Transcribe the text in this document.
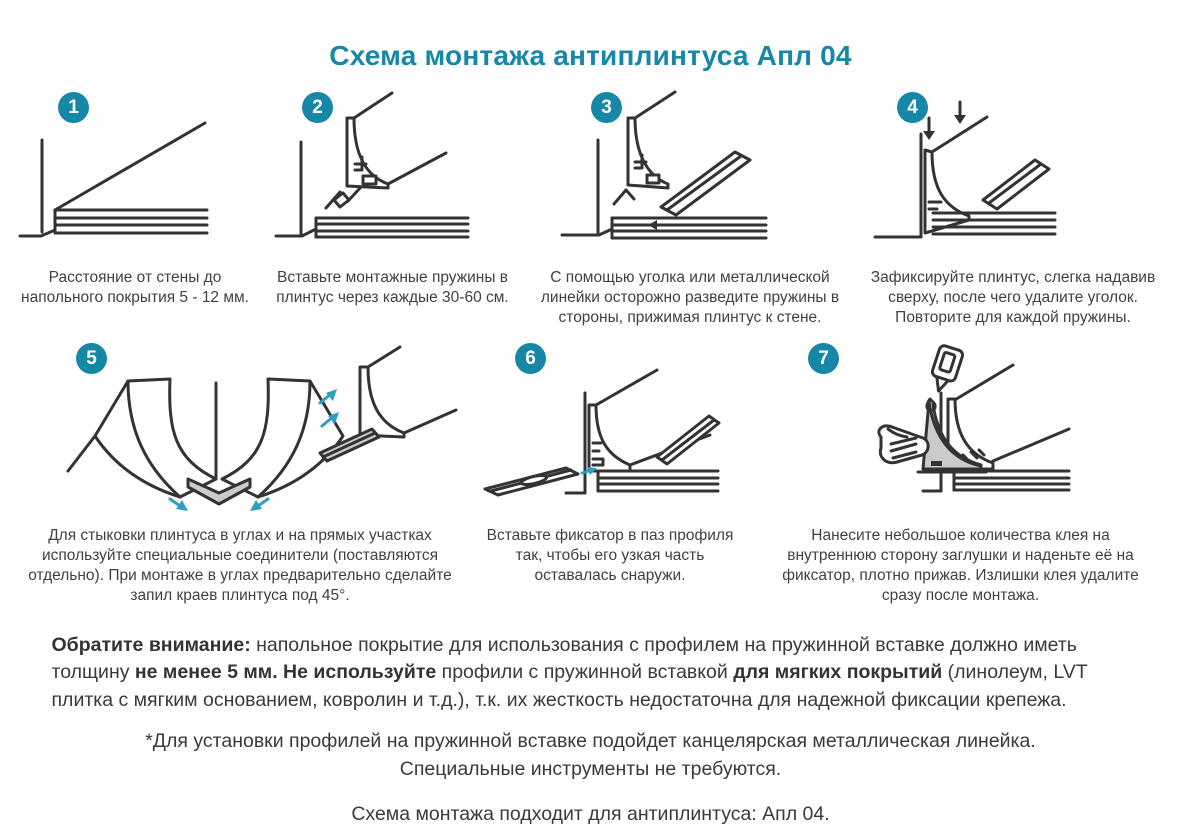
Схема монтажа антиплинтуса Апл 04
1
Расстояние от стены до напольного покрытия 5 - 12 мм.
2
Вставьте монтажные пружины в плинтус через каждые 30-60 см.
3
С помощью уголка или металлической линейки осторожно разведите пружины в стороны, прижимая плинтус к стене.
4
Зафиксируйте плинтус, слегка надавив сверху, после чего удалите уголок. Повторите для каждой пружины.
5
Для стыковки плинтуса в углах и на прямых участках используйте специальные соединители (поставляются отдельно). При монтаже в углах предварительно сделайте запил краев плинтуса под 45°.
6
Вставьте фиксатор в паз профиля так, чтобы его узкая часть оставалась снаружи.
7
Нанесите небольшое количества клея на внутреннюю сторону заглушки и наденьте её на фиксатор, плотно прижав. Излишки клея удалите сразу после монтажа.

Обратите внимание: напольное покрытие для использования с профилем на пружинной вставке должно иметь толщину не менее 5 мм. Не используйте профили с пружинной вставкой для мягких покрытий (линолеум, LVT плитка с мягким основанием, ковролин и т.д.), т.к. их жесткость недостаточна для надежной фиксации крепежа.

*Для установки профилей на пружинной вставке подойдет канцелярская металлическая линейка.
Специальные инструменты не требуются.
Схема монтажа подходит для антиплинтуса: Апл 04.
